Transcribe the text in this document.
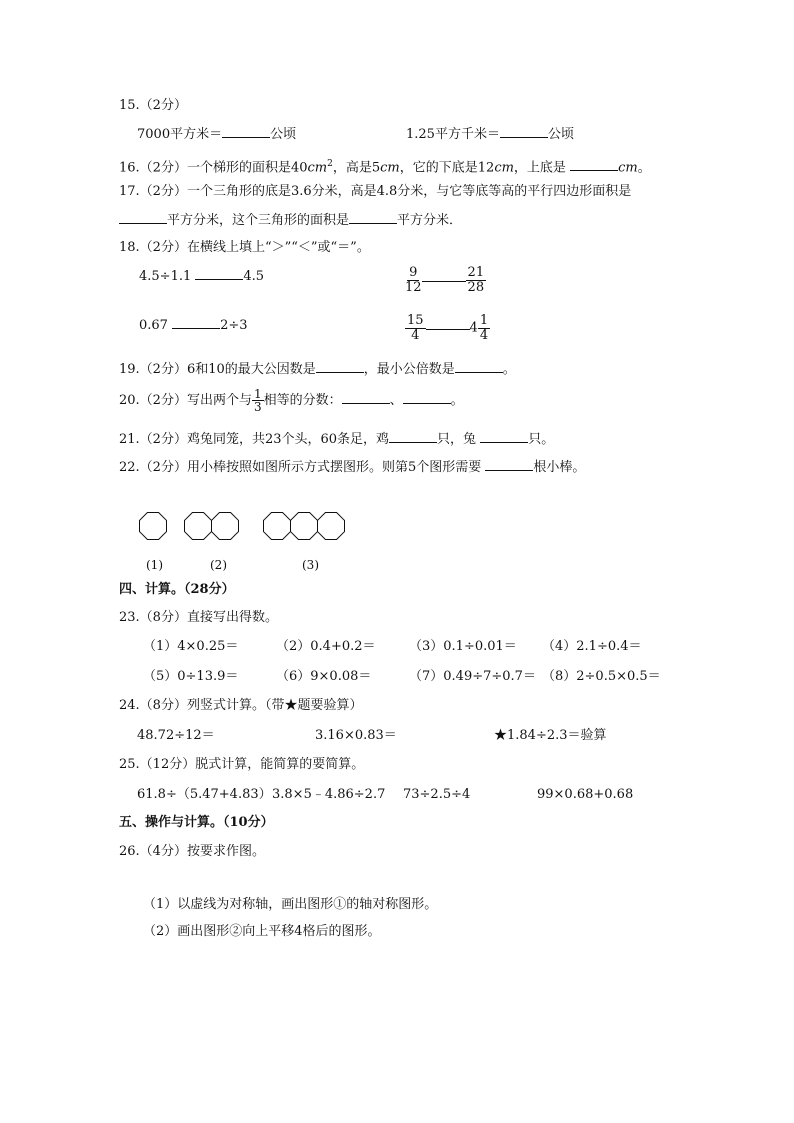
15.（2分）
7000平方米＝	公顷	1.25平方千米＝	公顷
16.（2分）一个梯形的面积是$40cm^2$，高是5cm，它的下底是12cm，上底是	cm。
17.（2分）一个三角形的底是3.6分米，高是4.8分米，与它等底等高的平行四边形面积是
平方分米，这个三角形的面积是	平方分米．
18.（2分）在横线上填上“＞”“＜”或“＝”。
4.5÷1.1	4.5	$\frac{9}{12}$	$\frac{21}{28}$
0.67	2÷3	$\frac{15}{4}$	$4 \frac{1}{4}$
19.（2分）6和10的最大公因数是	，最小公倍数是	。
20.（2分）写出两个与 $\frac{1}{3}$ 相等的分数：	、	。
21.（2分）鸡兔同笼，共23个头，60条足，鸡	只，兔	只。
22.（2分）用小棒按照如图所示方式摆图形。则第5个图形需要	根小棒。
(1)	(2)	(3)
四、计算。（28分）
23.（8分）直接写出得数。
（1）4×0.25＝	（2）0.4+0.2＝	（3）0.1÷0.01＝ （4）2.1÷0.4＝
（5）0÷13.9＝	（6）9×0.08＝	（7）0.49÷7÷0.7＝ （8）2÷0.5×0.5＝
24.（8分）列竖式计算。（带★题要验算）
48.72÷12＝	3.16×0.83＝	★1.84÷2.3＝验算
25.（12分）脱式计算，能简算的要简算。
61.8÷（5.47+4.83） 3.8×5﹣4.86÷2.7 73÷2.5÷4	99×0.68+0.68
五、操作与计算。（10分）
26.（4分）按要求作图。
（1）以虚线为对称轴，画出图形①的轴对称图形。
（2）画出图形②向上平移4格后的图形。
